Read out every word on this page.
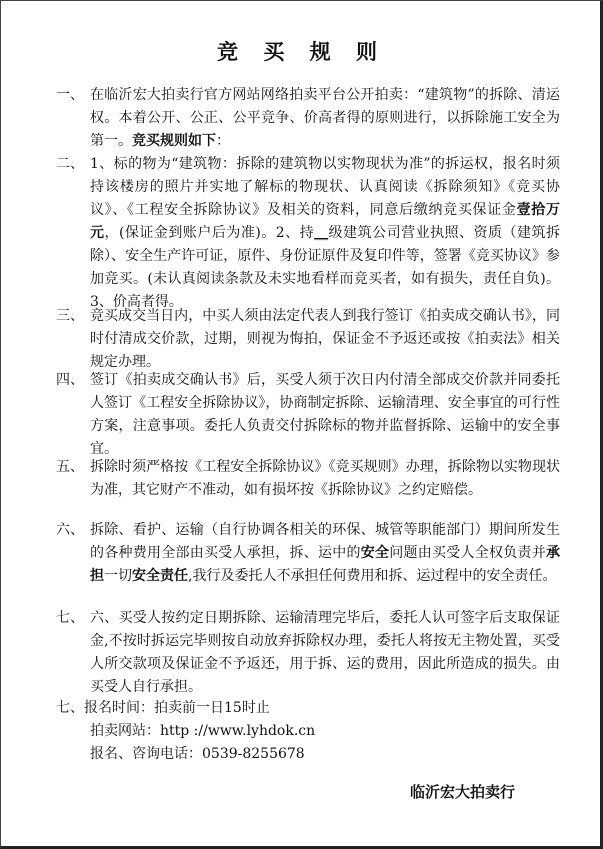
竞 买 规 则
一、 在临沂宏大拍卖行官方网站网络拍卖平台公开拍卖：“建筑物”的拆除、清运权。本着公开、公正、公平竞争、价高者得的原则进行，以拆除施工安全为第一。竞买规则如下：
二、 1、标的物为“建筑物：拆除的建筑物以实物现状为准”的拆运权，报名时须持该楼房的照片并实地了解标的物现状、认真阅读《拆除须知》《竞买协议》、《工程安全拆除协议》及相关的资料，同意后缴纳竞买保证金壹拾万元，(保证金到账户后为准)。2、持__级建筑公司营业执照、资质（建筑拆除）、安全生产许可证，原件、身份证原件及复印件等，签署《竞买协议》参加竞买。(未认真阅读条款及未实地看样而竞买者，如有损失，责任自负)。3、价高者得。
三、 竞买成交当日内，中买人须由法定代表人到我行签订《拍卖成交确认书》，同时付清成交价款，过期，则视为悔拍，保证金不予返还或按《拍卖法》相关规定办理。
四、 签订《拍卖成交确认书》后，买受人须于次日内付清全部成交价款并同委托人签订《工程安全拆除协议》，协商制定拆除、运输清理、安全事宜的可行性方案，注意事项。委托人负责交付拆除标的物并监督拆除、运输中的安全事宜。
五、 拆除时须严格按《工程安全拆除协议》《竞买规则》办理，拆除物以实物现状为准，其它财产不准动，如有损坏按《拆除协议》之约定赔偿。
六、 拆除、看护、运输（自行协调各相关的环保、城管等职能部门）期间所发生的各种费用全部由买受人承担，拆、运中的安全问题由买受人全权负责并承担一切安全责任,我行及委托人不承担任何费用和拆、运过程中的安全责任。
七、 六、买受人按约定日期拆除、运输清理完毕后，委托人认可签字后支取保证金,不按时拆运完毕则按自动放弃拆除权办理，委托人将按无主物处置，买受人所交款项及保证金不予返还，用于拆、运的费用，因此所造成的损失。由买受人自行承担。
七、报名时间：拍卖前一日15时止
拍卖网站：http ://www.lyhdok.cn
报名、咨询电话：0539-8255678
临沂宏大拍卖行
